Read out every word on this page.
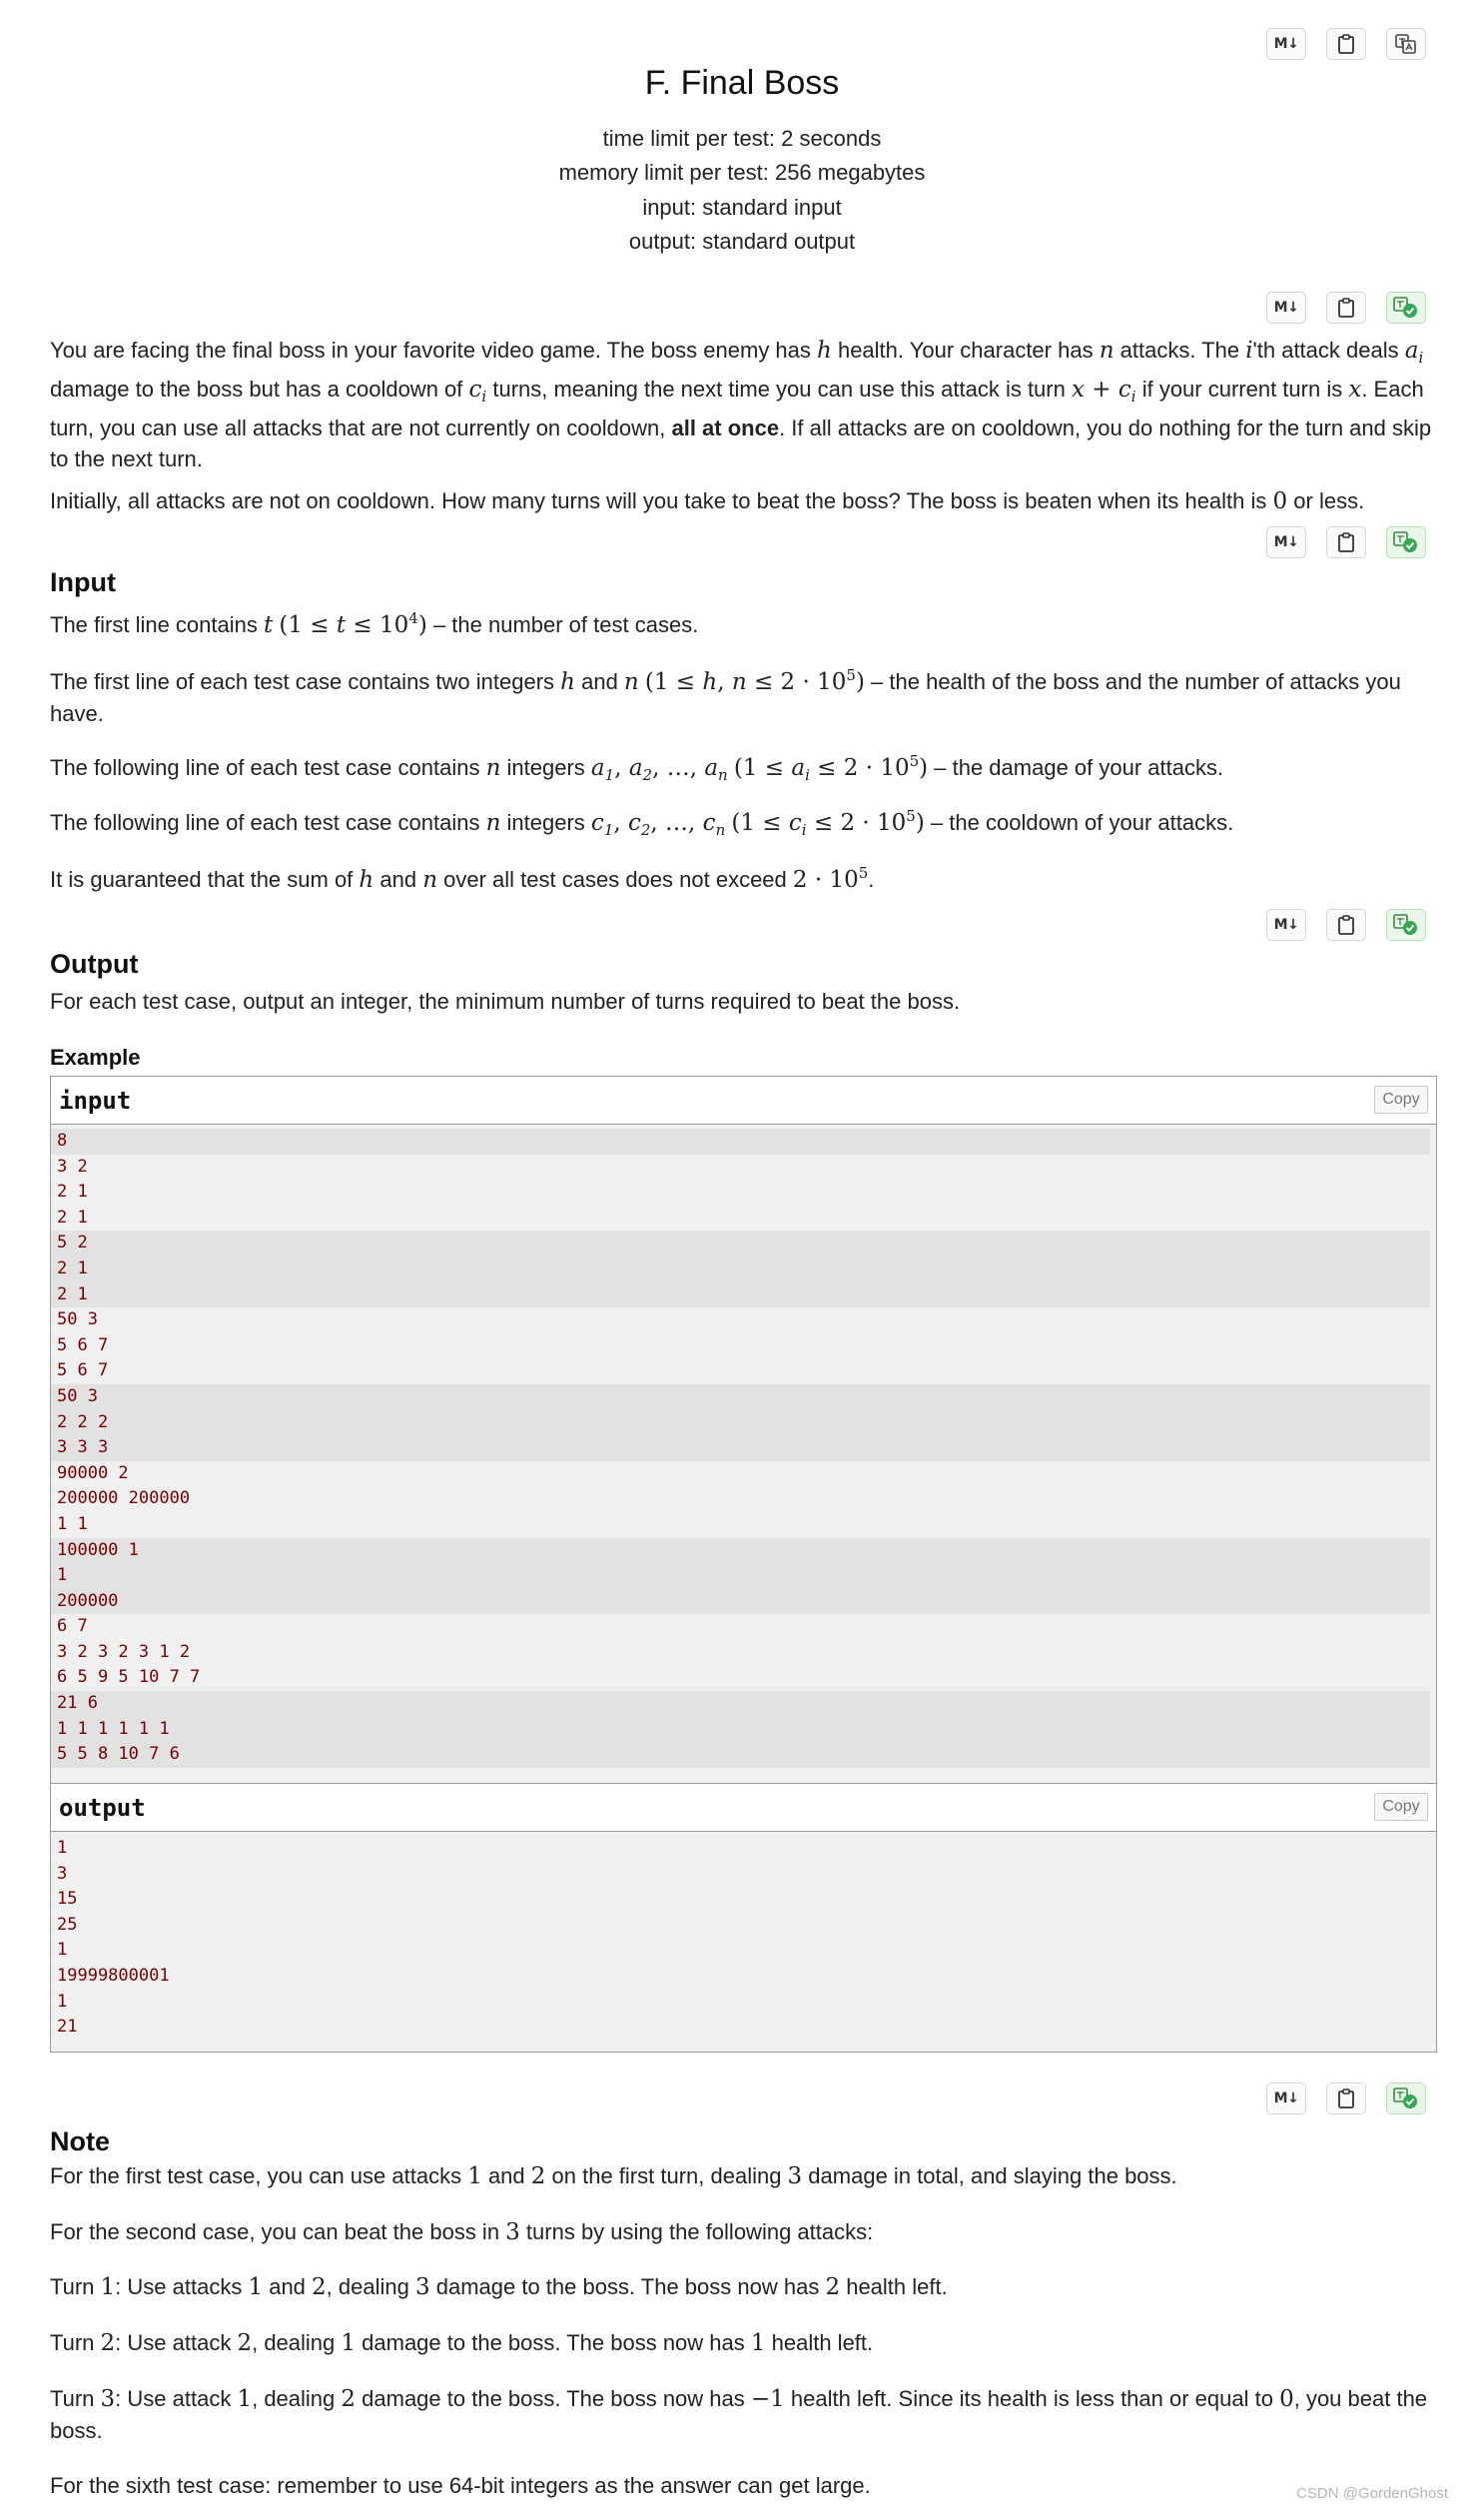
M↓
M↓
M↓
M↓
M↓
F. Final Boss
time limit per test: 2 seconds
memory limit per test: 256 megabytes
input: standard input
output: standard output
You are facing the final boss in your favorite video game. The boss enemy has h health. Your character has n attacks. The i'th attack deals $a_i$ damage to the boss but has a cooldown of $c_i$ turns, meaning the next time you can use this attack is turn $x + c_i$ if your current turn is x. Each turn, you can use all attacks that are not currently on cooldown, all at once. If all attacks are on cooldown, you do nothing for the turn and skip to the next turn.
Initially, all attacks are not on cooldown. How many turns will you take to beat the boss? The boss is beaten when its health is 0 or less.
Input
The first line contains t $(1 \le t \le 10^4)$ – the number of test cases.
The first line of each test case contains two integers h and n (1 ≤ h, $n \le 2 \cdot 10^5$) – the health of the boss and the number of attacks you have.
The following line of each test case contains n integers $a_1$, $a_2$, …, $a_n$ $(1 \le a_i \le 2 \cdot 10^5)$ – the damage of your attacks.
The following line of each test case contains n integers $c_1$, $c_2$, …, $c_n$ $(1 \le c_i \le 2 \cdot 10^5)$ – the cooldown of your attacks.
It is guaranteed that the sum of h and n over all test cases does not exceed $2 \cdot 10^5$.
Output
For each test case, output an integer, the minimum number of turns required to beat the boss.
Example
input	Copy
8
3 2
2 1
2 1
5 2
2 1
2 1
50 3
5 6 7
5 6 7
50 3
2 2 2
3 3 3
90000 2
200000 200000
1 1
100000 1
1
200000
6 7
3 2 3 2 3 1 2
6 5 9 5 10 7 7
21 6
1 1 1 1 1 1
5 5 8 10 7 6
output	Copy
1
3
15
25
1
19999800001
1
21
Note
For the first test case, you can use attacks 1 and 2 on the first turn, dealing 3 damage in total, and slaying the boss.
For the second case, you can beat the boss in 3 turns by using the following attacks:
Turn 1: Use attacks 1 and 2, dealing 3 damage to the boss. The boss now has 2 health left.
Turn 2: Use attack 2, dealing 1 damage to the boss. The boss now has 1 health left.
Turn 3: Use attack 1, dealing 2 damage to the boss. The boss now has −1 health left. Since its health is less than or equal to 0, you beat the boss.
For the sixth test case: remember to use 64-bit integers as the answer can get large.	CSDN @GordenGhost
